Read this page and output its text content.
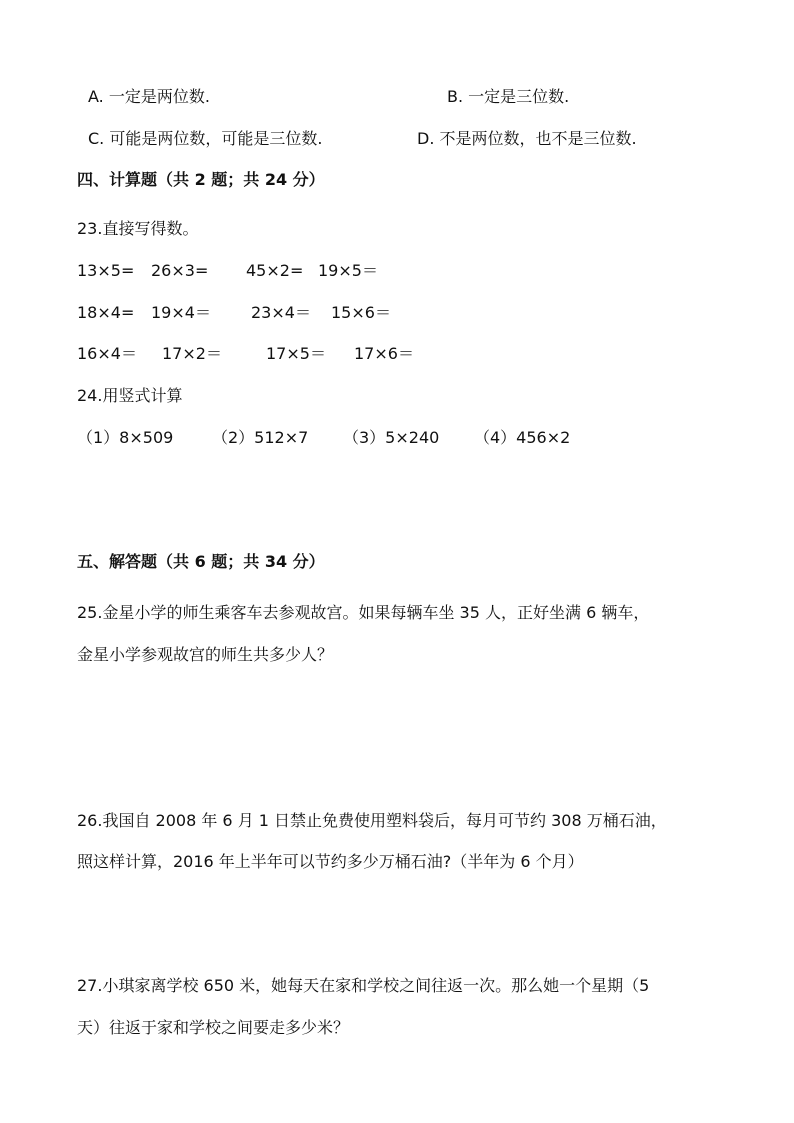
A. 一定是两位数.	B. 一定是三位数.
C. 可能是两位数，可能是三位数.	D. 不是两位数，也不是三位数.
四、计算题（共 2 题；共 24 分）
23.直接写得数。
13×5= 26×3= 45×2= 19×5＝
18×4= 19×4＝	23×4＝ 15×6＝
16×4＝ 17×2＝	17×5＝ 17×6＝
24.用竖式计算
（1）8×509 （2）512×7 （3）5×240 （4）456×2
五、解答题（共 6 题；共 34 分）
25.金星小学的师生乘客车去参观故宫。如果每辆车坐 35 人，正好坐满 6 辆车，
金星小学参观故宫的师生共多少人？
26.我国自 2008 年 6 月 1 日禁止免费使用塑料袋后，每月可节约 308 万桶石油，
照这样计算，2016 年上半年可以节约多少万桶石油?（半年为 6 个月）
27.小琪家离学校 650 米，她每天在家和学校之间往返一次。那么她一个星期（5
天）往返于家和学校之间要走多少米？
